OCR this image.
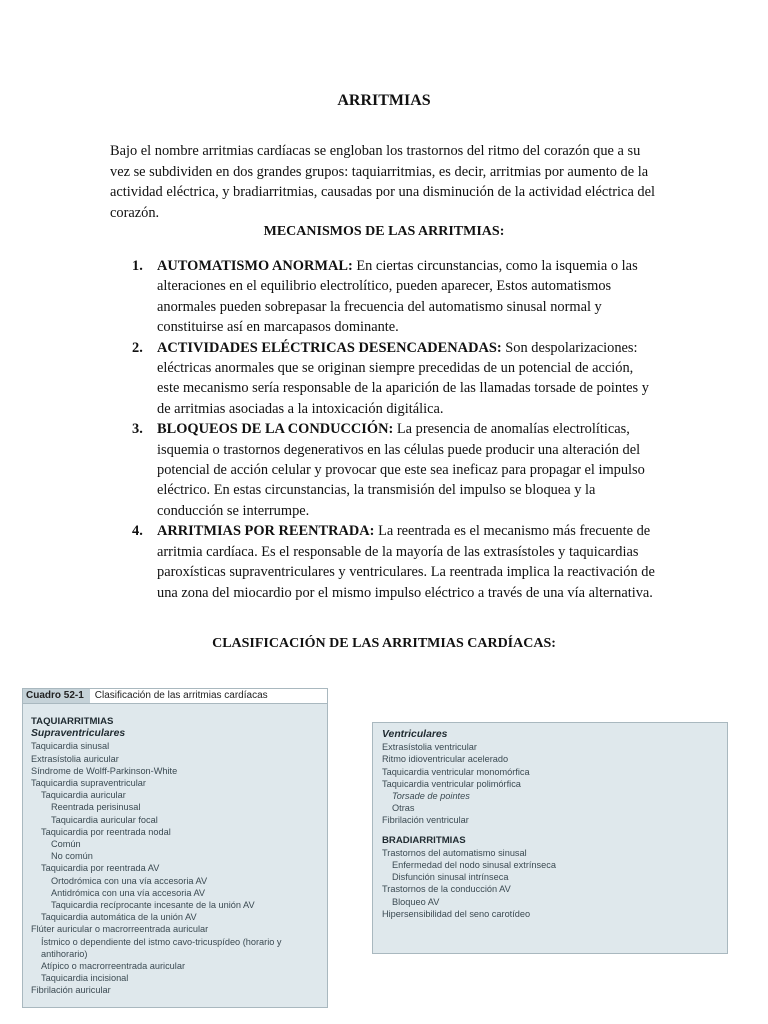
ARRITMIAS

Bajo el nombre arritmias cardíacas se engloban los trastornos del ritmo del corazón que a su vez se subdividen en dos grandes grupos: taquiarritmias, es decir, arritmias por aumento de la actividad eléctrica, y bradiarritmias, causadas por una disminución de la actividad eléctrica del corazón.

MECANISMOS DE LAS ARRITMIAS:
1. AUTOMATISMO ANORMAL: En ciertas circunstancias, como la isquemia o las alteraciones en el equilibrio electrolítico, pueden aparecer, Estos automatismos anormales pueden sobrepasar la frecuencia del automatismo sinusal normal y constituirse así en marcapasos dominante.
2. ACTIVIDADES ELÉCTRICAS DESENCADENADAS: Son despolarizaciones: eléctricas anormales que se originan siempre precedidas de un potencial de acción, este mecanismo sería responsable de la aparición de las llamadas torsade de pointes y de arritmias asociadas a la intoxicación digitálica.
3. BLOQUEOS DE LA CONDUCCIÓN: La presencia de anomalías electrolíticas, isquemia o trastornos degenerativos en las células puede producir una alteración del potencial de acción celular y provocar que este sea ineficaz para propagar el impulso eléctrico. En estas circunstancias, la transmisión del impulso se bloquea y la conducción se interrumpe.
4. ARRITMIAS POR REENTRADA: La reentrada es el mecanismo más frecuente de arritmia cardíaca. Es el responsable de la mayoría de las extrasístoles y taquicardias paroxísticas supraventriculares y ventriculares. La reentrada implica la reactivación de una zona del miocardio por el mismo impulso eléctrico a través de una vía alternativa.
CLASIFICACIÓN DE LAS ARRITMIAS CARDÍACAS:
Cuadro 52-1	Clasificación de las arritmias cardíacas
TAQUIARRITMIAS
Supraventriculares
Taquicardia sinusal
Extrasístolia auricular
Síndrome de Wolff-Parkinson-White
Taquicardia supraventricular
Taquicardia auricular
Reentrada perisinusal
Taquicardia auricular focal
Taquicardia por reentrada nodal
Común
No común
Taquicardia por reentrada AV
Ortodrómica con una vía accesoria AV
Antidrómica con una vía accesoria AV
Taquicardia recíprocante incesante de la unión AV
Taquicardia automática de la unión AV
Flúter auricular o macrorreentrada auricular
Ístmico o dependiente del istmo cavo-tricuspídeo (horario y antihorario)
Atípico o macrorreentrada auricular
Taquicardia incisional
Fibrilación auricular
Ventriculares
Extrasístolia ventricular
Ritmo idioventricular acelerado
Taquicardia ventricular monomórfica
Taquicardia ventricular polimórfica
Torsade de pointes
Otras
Fibrilación ventricular
BRADIARRITMIAS
Trastornos del automatismo sinusal
Enfermedad del nodo sinusal extrínseca
Disfunción sinusal intrínseca
Trastornos de la conducción AV
Bloqueo AV
Hipersensibilidad del seno carotídeo
